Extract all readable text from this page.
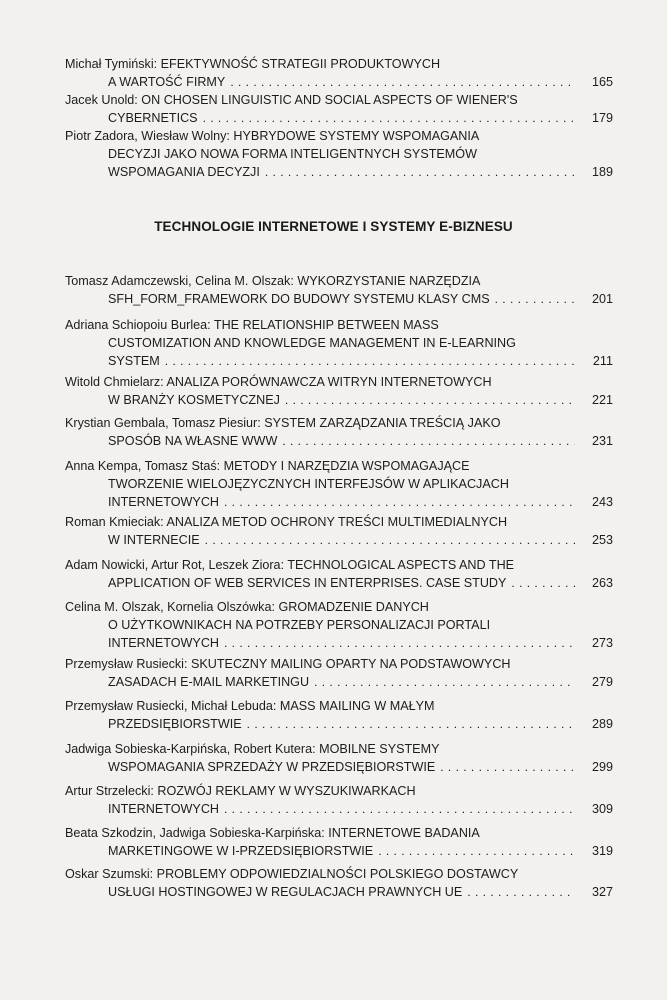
Michał Tymiński: EFEKTYWNOŚĆ STRATEGII PRODUKTOWYCH
A WARTOŚĆ FIRMY . . .	165
Jacek Unold: ON CHOSEN LINGUISTIC AND SOCIAL ASPECTS OF WIENER'S
CYBERNETICS . . .	179
Piotr Zadora, Wiesław Wolny: HYBRYDOWE SYSTEMY WSPOMAGANIA
DECYZJI JAKO NOWA FORMA INTELIGENTNYCH SYSTEMÓW
WSPOMAGANIA DECYZJI . . .	189
TECHNOLOGIE INTERNETOWE I SYSTEMY E-BIZNESU
Tomasz Adamczewski, Celina M. Olszak: WYKORZYSTANIE NARZĘDZIA
SFH_FORM_FRAMEWORK DO BUDOWY SYSTEMU KLASY CMS . . .	201
Adriana Schiopoiu Burlea: THE RELATIONSHIP BETWEEN MASS
CUSTOMIZATION AND KNOWLEDGE MANAGEMENT IN E-LEARNING
SYSTEM . . .	211
Witold Chmielarz: ANALIZA PORÓWNAWCZA WITRYN INTERNETOWYCH
W BRANŻY KOSMETYCZNEJ . . .	221
Krystian Gembala, Tomasz Piesiur: SYSTEM ZARZĄDZANIA TREŚCIĄ JAKO
SPOSÓB NA WŁASNE WWW . . .	231
Anna Kempa, Tomasz Staś: METODY I NARZĘDZIA WSPOMAGAJĄCE
TWORZENIE WIELOJĘZYCZNYCH INTERFEJSÓW W APLIKACJACH
INTERNETOWYCH . . .	243
Roman Kmieciak: ANALIZA METOD OCHRONY TREŚCI MULTIMEDIALNYCH
W INTERNECIE . . .	253
Adam Nowicki, Artur Rot, Leszek Ziora: TECHNOLOGICAL ASPECTS AND THE
APPLICATION OF WEB SERVICES IN ENTERPRISES. CASE STUDY . . .	263
Celina M. Olszak, Kornelia Olszówka: GROMADZENIE DANYCH
O UŻYTKOWNIKACH NA POTRZEBY PERSONALIZACJI PORTALI
INTERNETOWYCH . . .	273
Przemysław Rusiecki: SKUTECZNY MAILING OPARTY NA PODSTAWOWYCH
ZASADACH E-MAIL MARKETINGU . . .	279
Przemysław Rusiecki, Michał Lebuda: MASS MAILING W MAŁYM
PRZEDSIĘBIORSTWIE . . .	289
Jadwiga Sobieska-Karpińska, Robert Kutera: MOBILNE SYSTEMY
WSPOMAGANIA SPRZEDAŻY W PRZEDSIĘBIORSTWIE . . .	299
Artur Strzelecki: ROZWÓJ REKLAMY W WYSZUKIWARKACH
INTERNETOWYCH . . .	309
Beata Szkodzin, Jadwiga Sobieska-Karpińska: INTERNETOWE BADANIA
MARKETINGOWE W I-PRZEDSIĘBIORSTWIE . . .	319
Oskar Szumski: PROBLEMY ODPOWIEDZIALNOŚCI POLSKIEGO DOSTAWCY
USŁUGI HOSTINGOWEJ W REGULACJACH PRAWNYCH UE . . .	327
